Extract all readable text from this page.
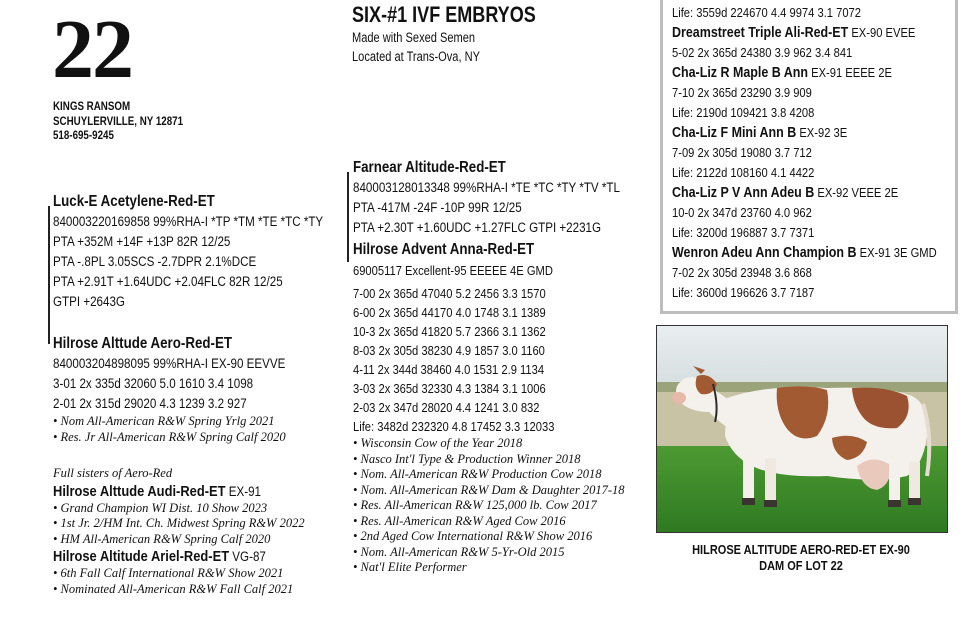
22
KINGS RANSOM
SCHUYLERVILLE, NY 12871
518-695-9245
Luck-E Acetylene-Red-ET
840003220169858 99%RHA-I *TP *TM *TE *TC *TY
PTA +352M +14F +13P 82R 12/25
PTA -.8PL 3.05SCS -2.7DPR 2.1%DCE
PTA +2.91T +1.64UDC +2.04FLC 82R 12/25
GTPI +2643G
Hilrose Alttude Aero-Red-ET
840003204898095 99%RHA-I EX-90 EEVVE
3-01 2x 335d 32060 5.0 1610 3.4 1098
2-01 2x 315d 29020 4.3 1239 3.2 927
• Nom All-American R&W Spring Yrlg 2021
• Res. Jr All-American R&W Spring Calf 2020
Full sisters of Aero-Red
Hilrose Alttude Audi-Red-ET EX-91
• Grand Champion WI Dist. 10 Show 2023
• 1st Jr. 2/HM Int. Ch. Midwest Spring R&W 2022
• HM All-American R&W Spring Calf 2020
Hilrose Altitude Ariel-Red-ET VG-87
• 6th Fall Calf International R&W Show 2021
• Nominated All-American R&W Fall Calf 2021
SIX-#1 IVF EMBRYOS
Made with Sexed Semen
Located at Trans-Ova, NY
Farnear Altitude-Red-ET
840003128013348 99%RHA-I *TE *TC *TY *TV *TL
PTA -417M -24F -10P 99R 12/25
PTA +2.30T +1.60UDC +1.27FLC GTPI +2231G
Hilrose Advent Anna-Red-ET
69005117 Excellent-95 EEEEE 4E GMD
7-00 2x 365d 47040 5.2 2456 3.3 1570
6-00 2x 365d 44170 4.0 1748 3.1 1389
10-3 2x 365d 41820 5.7 2366 3.1 1362
8-03 2x 305d 38230 4.9 1857 3.0 1160
4-11 2x 344d 38460 4.0 1531 2.9 1134
3-03 2x 365d 32330 4.3 1384 3.1 1006
2-03 2x 347d 28020 4.4 1241 3.0 832
Life: 3482d 232320 4.8 17452 3.3 12033
• Wisconsin Cow of the Year 2018
• Nasco Int'l Type & Production Winner 2018
• Nom. All-American R&W Production Cow 2018
• Nom. All-American R&W Dam & Daughter 2017-18
• Res. All-American R&W 125,000 lb. Cow 2017
• Res. All-American R&W Aged Cow 2016
• 2nd Aged Cow International R&W Show 2016
• Nom. All-American R&W 5-Yr-Old 2015
• Nat'l Elite Performer
Life: 3559d 224670 4.4 9974 3.1 7072
Dreamstreet Triple Ali-Red-ET EX-90 EVEE
5-02 2x 365d 24380 3.9 962 3.4 841
Cha-Liz R Maple B Ann EX-91 EEEE 2E
7-10 2x 365d 23290 3.9 909
Life: 2190d 109421 3.8 4208
Cha-Liz F Mini Ann B EX-92 3E
7-09 2x 305d 19080 3.7 712
Life: 2122d 108160 4.1 4422
Cha-Liz P V Ann Adeu B EX-92 VEEE 2E
10-0 2x 347d 23760 4.0 962
Life: 3200d 196887 3.7 7371
Wenron Adeu Ann Champion B EX-91 3E GMD
7-02 2x 305d 23948 3.6 868
Life: 3600d 196626 3.7 7187
HILROSE ALTITUDE AERO-RED-ET EX-90
DAM OF LOT 22
